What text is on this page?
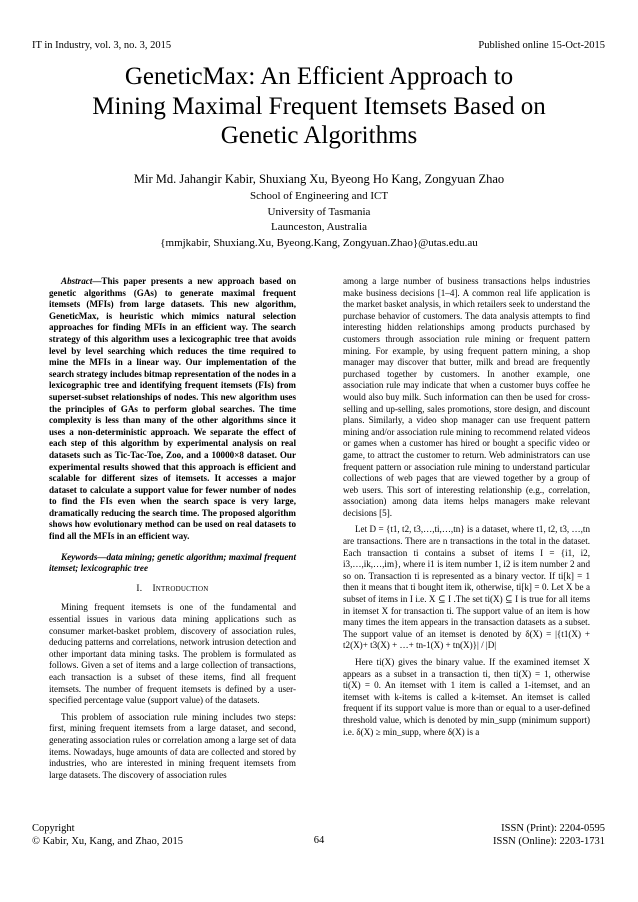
IT in Industry, vol. 3, no. 3, 2015	Published online 15-Oct-2015
GeneticMax: An Efficient Approach to
Mining Maximal Frequent Itemsets Based on
Genetic Algorithms
Mir Md. Jahangir Kabir, Shuxiang Xu, Byeong Ho Kang, Zongyuan Zhao
School of Engineering and ICT
University of Tasmania
Launceston, Australia
{mmjkabir, Shuxiang.Xu, Byeong.Kang, Zongyuan.Zhao}@utas.edu.au

Abstract—This paper presents a new approach based on genetic algorithms (GAs) to generate maximal frequent itemsets (MFIs) from large datasets. This new algorithm, GeneticMax, is heuristic which mimics natural selection approaches for finding MFIs in an efficient way. The search strategy of this algorithm uses a lexicographic tree that avoids level by level searching which reduces the time required to mine the MFIs in a linear way. Our implementation of the search strategy includes bitmap representation of the nodes in a lexicographic tree and identifying frequent itemsets (FIs) from superset-subset relationships of nodes. This new algorithm uses the principles of GAs to perform global searches. The time complexity is less than many of the other algorithms since it uses a non-deterministic approach. We separate the effect of each step of this algorithm by experimental analysis on real datasets such as Tic-Tac-Toe, Zoo, and a 10000×8 dataset. Our experimental results showed that this approach is efficient and scalable for different sizes of itemsets. It accesses a major dataset to calculate a support value for fewer number of nodes to find the FIs even when the search space is very large, dramatically reducing the search time. The proposed algorithm shows how evolutionary method can be used on real datasets to find all the MFIs in an efficient way.

Keywords—data mining; genetic algorithm; maximal frequent itemset; lexicographic tree

I. Introduction

Mining frequent itemsets is one of the fundamental and essential issues in various data mining applications such as consumer market-basket problem, discovery of association rules, deducing patterns and correlations, network intrusion detection and other important data mining tasks. The problem is formulated as follows. Given a set of items and a large collection of transactions, each transaction is a subset of these items, find all frequent itemsets. The number of frequent itemsets is defined by a user-specified percentage value (support value) of the datasets.

This problem of association rule mining includes two steps: first, mining frequent itemsets from a large dataset, and second, generating association rules or correlation among a large set of data items. Nowadays, huge amounts of data are collected and stored by industries, who are interested in mining frequent itemsets from large datasets. The discovery of association rules

among a large number of business transactions helps industries make business decisions [1–4]. A common real life application is the market basket analysis, in which retailers seek to understand the purchase behavior of customers. The data analysis attempts to find interesting hidden relationships among products purchased by customers through association rule mining or frequent pattern mining. For example, by using frequent pattern mining, a shop manager may discover that butter, milk and bread are frequently purchased together by customers. In another example, one association rule may indicate that when a customer buys coffee he would also buy milk. Such information can then be used for cross-selling and up-selling, sales promotions, store design, and discount plans. Similarly, a video shop manager can use frequent pattern mining and/or association rule mining to recommend related videos or games when a customer has hired or bought a specific video or game, to attract the customer to return. Web administrators can use frequent pattern or association rule mining to understand particular collections of web pages that are viewed together by a group of web users. This sort of interesting relationship (e.g., correlation, association) among data items helps managers make relevant decisions [5].

Let D = {t1, t2, t3,…,ti,…,tn} is a dataset, where t1, t2, t3, …,tn are transactions. There are n transactions in the total in the dataset. Each transaction ti contains a subset of items I = {i1, i2, i3,…,ik,…,im}, where i1 is item number 1, i2 is item number 2 and so on. Transaction ti is represented as a binary vector. If ti[k] = 1 then it means that ti bought item ik, otherwise, ti[k] = 0. Let X be a subset of items in I i.e. X ⊆ I .The set ti(X) ⊆ I is true for all items in itemset X for transaction ti. The support value of an item is how many times the item appears in the transaction datasets as a subset. The support value of an itemset is denoted by δ(X) = |{t1(X) + t2(X)+ t3(X) + …+ tn-1(X) + tn(X)}| / |D|

Here ti(X) gives the binary value. If the examined itemset X appears as a subset in a transaction ti, then ti(X) = 1, otherwise ti(X) = 0. An itemset with 1 item is called a 1-itemset, and an itemset with k-items is called a k-itemset. An itemset is called frequent if its support value is more than or equal to a user-defined threshold value, which is denoted by min_supp (minimum support) i.e. δ(X) ≥ min_supp, where δ(X) is a

Copyright
© Kabir, Xu, Kang, and Zhao, 2015	64
ISSN (Print): 2204-0595
ISSN (Online): 2203-1731
